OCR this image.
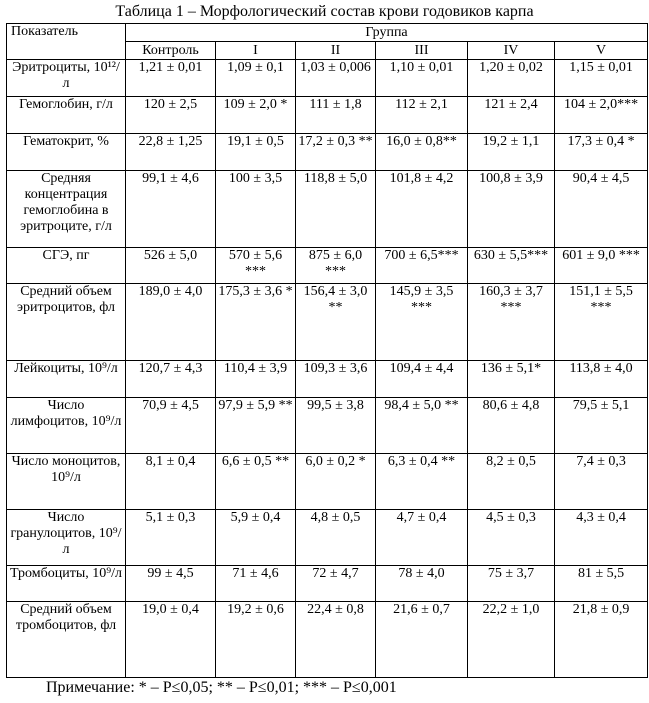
Таблица 1 – Морфологический состав крови годовиков карпа
Показатель	Группа					
	Контроль	I	II	III	IV	V
Эритроциты, 10¹²/л	1,21 ± 0,01	1,09 ± 0,1	1,03 ± 0,006	1,10 ± 0,01	1,20 ± 0,02	1,15 ± 0,01
Гемоглобин, г/л	120 ± 2,5	109 ± 2,0 *	111 ± 1,8	112 ± 2,1	121 ± 2,4	104 ± 2,0***
Гематокрит, %	22,8 ± 1,25	19,1 ± 0,5	17,2 ± 0,3 **	16,0 ± 0,8**	19,2 ± 1,1	17,3 ± 0,4 *
Средняя концентрация гемоглобина в эритроците, г/л	99,1 ± 4,6	100 ± 3,5	118,8 ± 5,0	101,8 ± 4,2	100,8 ± 3,9	90,4 ± 4,5
СГЭ, пг	526 ± 5,0	570 ± 5,6 ***	875 ± 6,0 ***	700 ± 6,5***	630 ± 5,5***	601 ± 9,0 ***
Средний объем эритроцитов, фл	189,0 ± 4,0	175,3 ± 3,6 *	156,4 ± 3,0 **	145,9 ± 3,5 ***	160,3 ± 3,7 ***	151,1 ± 5,5 ***
Лейкоциты, 10⁹/л	120,7 ± 4,3	110,4 ± 3,9	109,3 ± 3,6	109,4 ± 4,4	136 ± 5,1*	113,8 ± 4,0
Число лимфоцитов, 10⁹/л	70,9 ± 4,5	97,9 ± 5,9 **	99,5 ± 3,8	98,4 ± 5,0 **	80,6 ± 4,8	79,5 ± 5,1
Число моноцитов, 10⁹/л	8,1 ± 0,4	6,6 ± 0,5 **	6,0 ± 0,2 *	6,3 ± 0,4 **	8,2 ± 0,5	7,4 ± 0,3
Число гранулоцитов, 10⁹/л	5,1 ± 0,3	5,9 ± 0,4	4,8 ± 0,5	4,7 ± 0,4	4,5 ± 0,3	4,3 ± 0,4
Тромбоциты, 10⁹/л	99 ± 4,5	71 ± 4,6	72 ± 4,7	78 ± 4,0	75 ± 3,7	81 ± 5,5
Средний объем тромбоцитов, фл	19,0 ± 0,4	19,2 ± 0,6	22,4 ± 0,8	21,6 ± 0,7	22,2 ± 1,0	21,8 ± 0,9
Примечание: * – P≤0,05; ** – P≤0,01; *** – P≤0,001
